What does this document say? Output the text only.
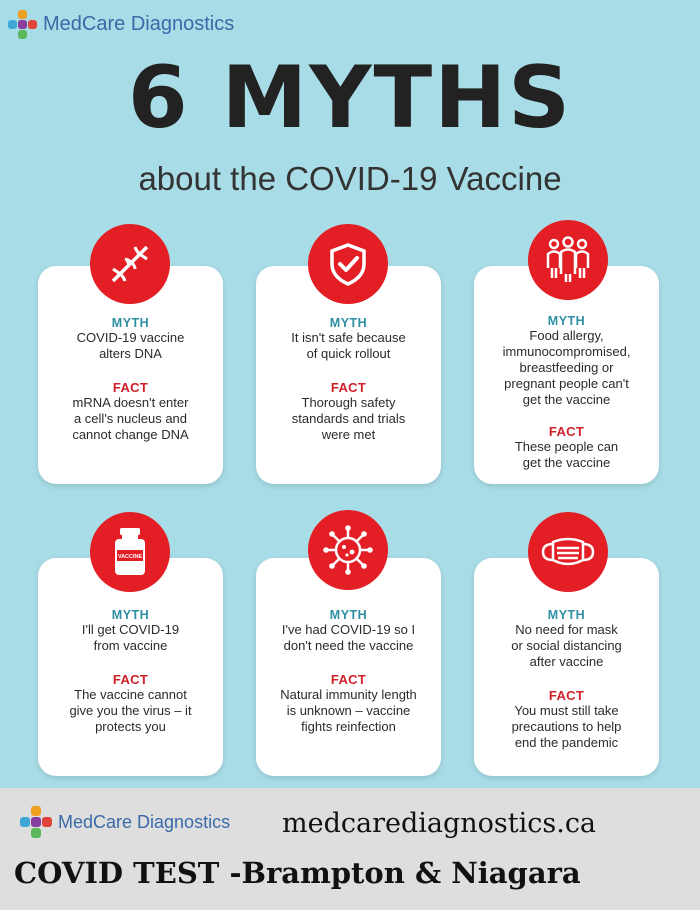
MedCare Diagnostics
6 MYTHS
about the COVID-19 Vaccine
MYTH
COVID-19 vaccine
alters DNA
FACT
mRNA doesn't enter
a cell's nucleus and
cannot change DNA
MYTH
It isn't safe because
of quick rollout
FACT
Thorough safety
standards and trials
were met
MYTH
Food allergy,
immunocompromised,
breastfeeding or
pregnant people can't
get the vaccine
FACT
These people can
get the vaccine
MYTH
I'll get COVID-19
from vaccine
FACT
The vaccine cannot
give you the virus – it
protects you
VACCINE
MYTH
I've had COVID-19 so I
don't need the vaccine
FACT
Natural immunity length
is unknown – vaccine
fights reinfection
MYTH
No need for mask
or social distancing
after vaccine
FACT
You must still take
precautions to help
end the pandemic
MedCare Diagnostics medcarediagnostics.ca
COVID TEST -Brampton & Niagara
